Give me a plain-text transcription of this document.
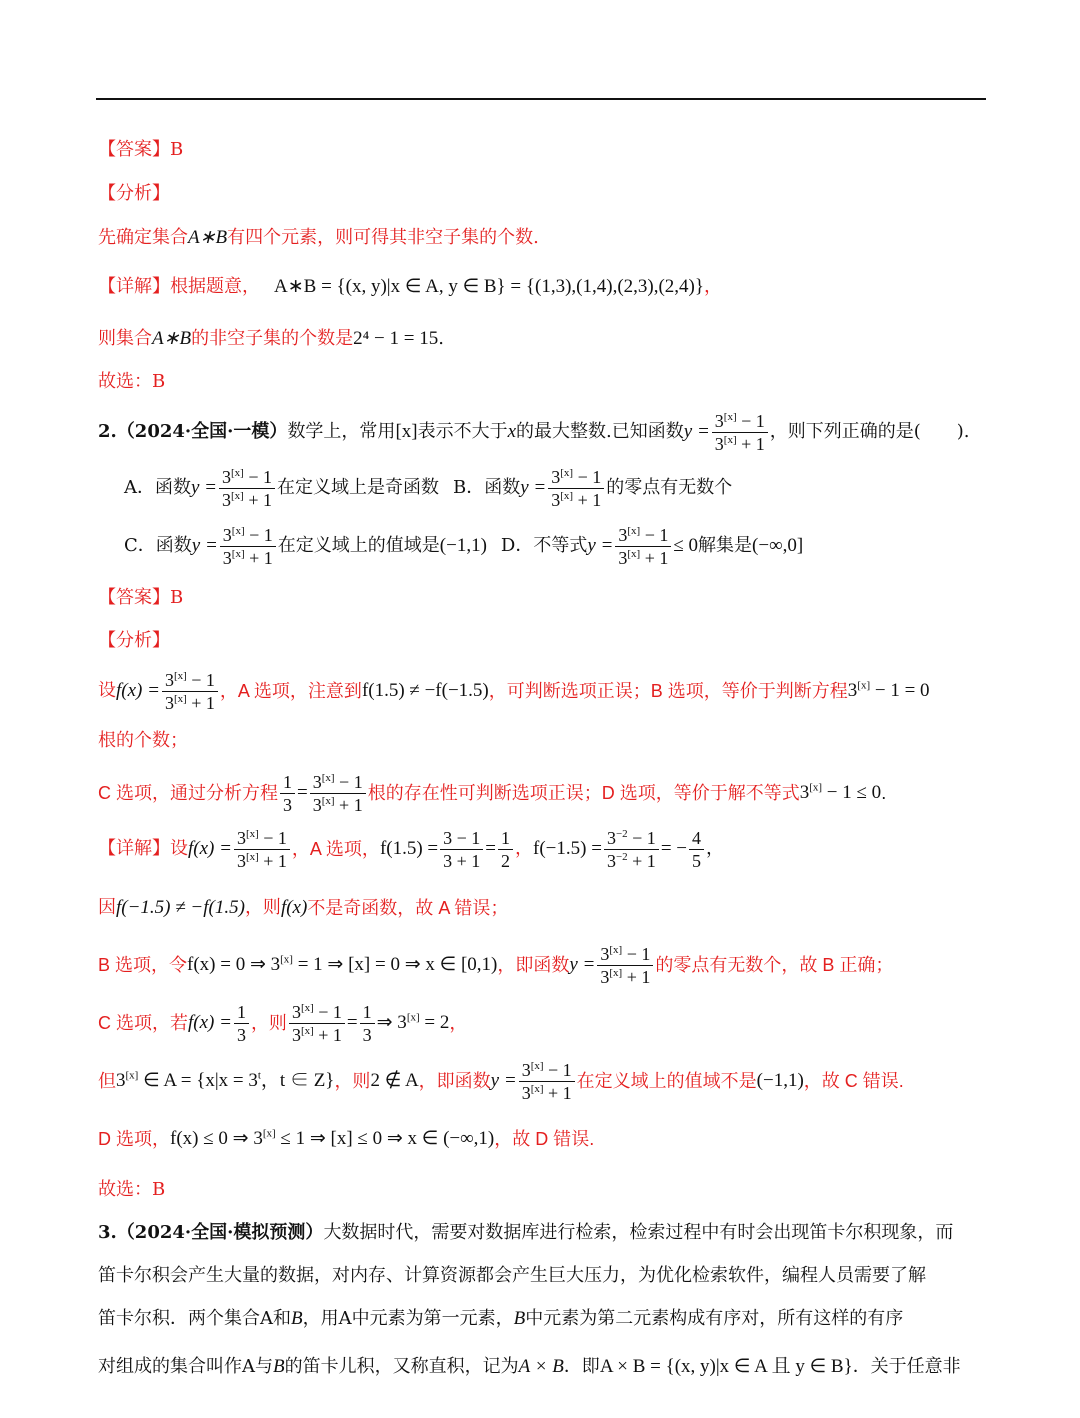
【答案】B
【分析】
先确定集合 A∗B 有四个元素，则可得其非空子集的个数.
【详解】根据题意， A∗B = {(x, y)|x ∈ A, y ∈ B} = {(1,3),(1,4),(2,3),(2,4)} ，
则集合 A∗B 的非空子集的个数是 2⁴ − 1 = 15 .
故选：B
2. （2024·全国·一模） 数学上，常用 [x] 表示不大于 x 的最大整数.已知函数 $y = \frac{3^{[x]} - 1}{3^{[x]} + 1}$ ，则下列正确的是(　　).
A．函数 $y = \frac{3^{[x]} - 1}{3^{[x]} + 1}$ 在定义域上是奇函数 B．函数 $y = \frac{3^{[x]} - 1}{3^{[x]} + 1}$ 的零点有无数个
C．函数 $y = \frac{3^{[x]} - 1}{3^{[x]} + 1}$ 在定义域上的值域是 (−1,1) D．不等式 $y = \frac{3^{[x]} - 1}{3^{[x]} + 1} \le 0$ 解集是 (−∞,0]
【答案】B
【分析】
设 $f(x) = \frac{3^{[x]} - 1}{3^{[x]} + 1}$ ，A 选项，注意到 f(1.5) ≠ −f(−1.5) ，可判断选项正误；B 选项，等价于判断方程 3[x] − 1 = 0
根的个数；
C 选项，通过分析方程 $\frac{1}{3} = \frac{3^{[x]} - 1}{3^{[x]} + 1}$ 根的存在性可判断选项正误；D 选项，等价于解不等式 3[x] − 1 ≤ 0 .
【详解】设 $f(x) = \frac{3^{[x]} - 1}{3^{[x]} + 1}$ ，A 选项， $f(1.5) = \frac{3 - 1}{3 + 1} = \frac{1}{2}$ ， $f(-1.5) = \frac{3^{-2} - 1}{3^{-2} + 1}$ = − $\frac{4}{5}$ ，
因 f(−1.5) ≠ −f(1.5) ，则 f(x) 不是奇函数，故 A 错误；
B 选项，令 f(x) = 0 ⇒ 3[x] = 1 ⇒ [x] = 0 ⇒ x ∈ [0,1) ，即函数 $y = \frac{3^{[x]} - 1}{3^{[x]} + 1}$ 的零点有无数个，故 B 正确；
C 选项，若 $f(x) = \frac{1}{3}$ ，则 $\frac{3^{[x]} - 1}{3^{[x]} + 1} = \frac{1}{3}$ ⇒ 3[x] = 2 ，
但 3[x] ∈ $A = \{x|x = 3^t$，t ∈ Z} ，则 2 ∉ A ，即函数 $y = \frac{3^{[x]} - 1}{3^{[x]} + 1}$ 在定义域上的值域不是 (−1,1) ，故 C 错误.
D 选项， f(x) ≤ 0 ⇒ 3[x] ≤ 1 ⇒ [x] ≤ 0 ⇒ x ∈ (−∞,1) ，故 D 错误.
故选：B
3. （2024·全国·模拟预测） 大数据时代，需要对数据库进行检索，检索过程中有时会出现笛卡尔积现象，而
笛卡尔积会产生大量的数据，对内存、计算资源都会产生巨大压力，为优化检索软件，编程人员需要了解
笛卡尔积．两个集合A和 B ，用A中元素为第一元素， B 中元素为第二元素构成有序对，所有这样的有序
对组成的集合叫作A与 B 的笛卡儿积，又称直积，记为 A × B ．即 A × B = {(x, y)|x ∈ A 且 y ∈ B} ．关于任意非
